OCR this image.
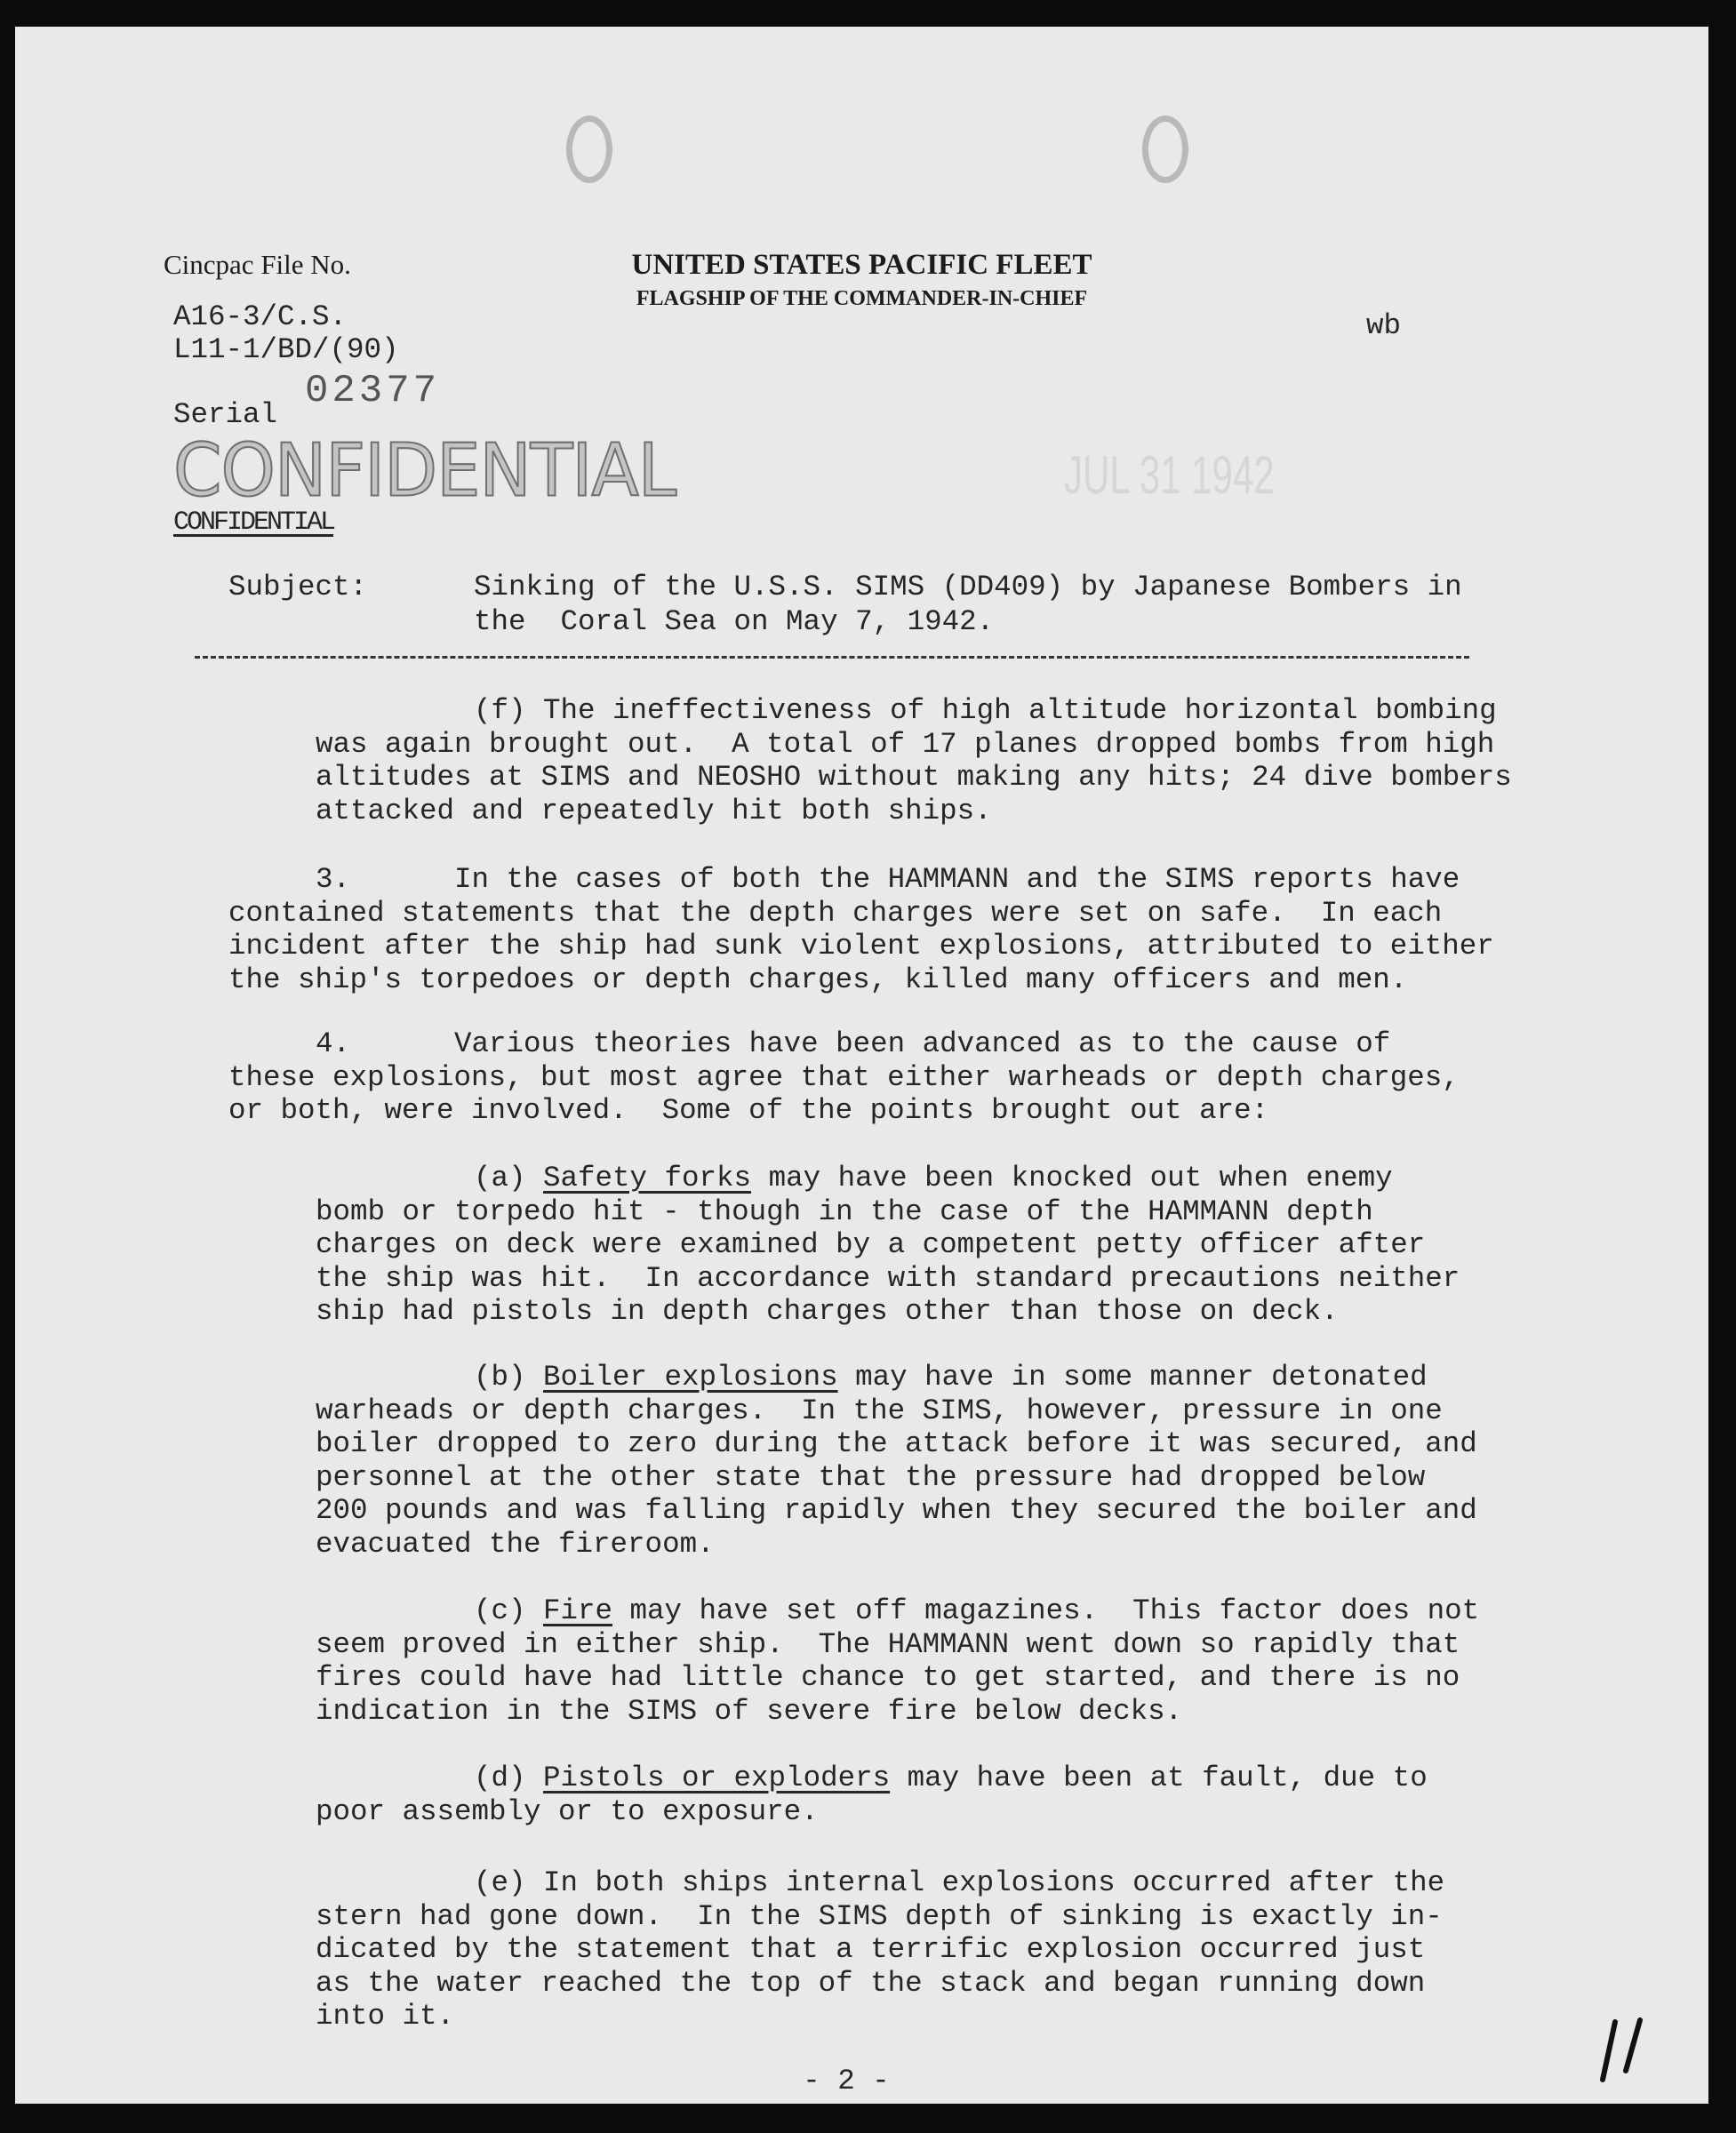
Cincpac File No.	UNITED STATES PACIFIC FLEET
FLAGSHIP OF THE COMMANDER-IN-CHIEF
A16-3/C.S.
L11-1/BD/(90)
wb
Serial
02377
CONFIDENTIAL	JUL 31 1942
CONFIDENTIAL
Subject:	Sinking of the U.S.S. SIMS (DD409) by Japanese Bombers in
the  Coral Sea on May 7, 1942.
(f) The ineffectiveness of high altitude horizontal bombing
was again brought out.  A total of 17 planes dropped bombs from high
altitudes at SIMS and NEOSHO without making any hits; 24 dive bombers
attacked and repeatedly hit both ships.
3.      In the cases of both the HAMMANN and the SIMS reports have
contained statements that the depth charges were set on safe.  In each
incident after the ship had sunk violent explosions, attributed to either
the ship's torpedoes or depth charges, killed many officers and men.
4.      Various theories have been advanced as to the cause of
these explosions, but most agree that either warheads or depth charges,
or both, were involved.  Some of the points brought out are:
(a) Safety forks may have been knocked out when enemy
bomb or torpedo hit - though in the case of the HAMMANN depth
charges on deck were examined by a competent petty officer after
the ship was hit.  In accordance with standard precautions neither
ship had pistols in depth charges other than those on deck.
(b) Boiler explosions may have in some manner detonated
warheads or depth charges.  In the SIMS, however, pressure in one
boiler dropped to zero during the attack before it was secured, and
personnel at the other state that the pressure had dropped below
200 pounds and was falling rapidly when they secured the boiler and
evacuated the fireroom.
(c) Fire may have set off magazines.  This factor does not
seem proved in either ship.  The HAMMANN went down so rapidly that
fires could have had little chance to get started, and there is no
indication in the SIMS of severe fire below decks.
(d) Pistols or exploders may have been at fault, due to
poor assembly or to exposure.
(e) In both ships internal explosions occurred after the
stern had gone down.  In the SIMS depth of sinking is exactly in-
dicated by the statement that a terrific explosion occurred just
as the water reached the top of the stack and began running down
into it.
- 2 -
